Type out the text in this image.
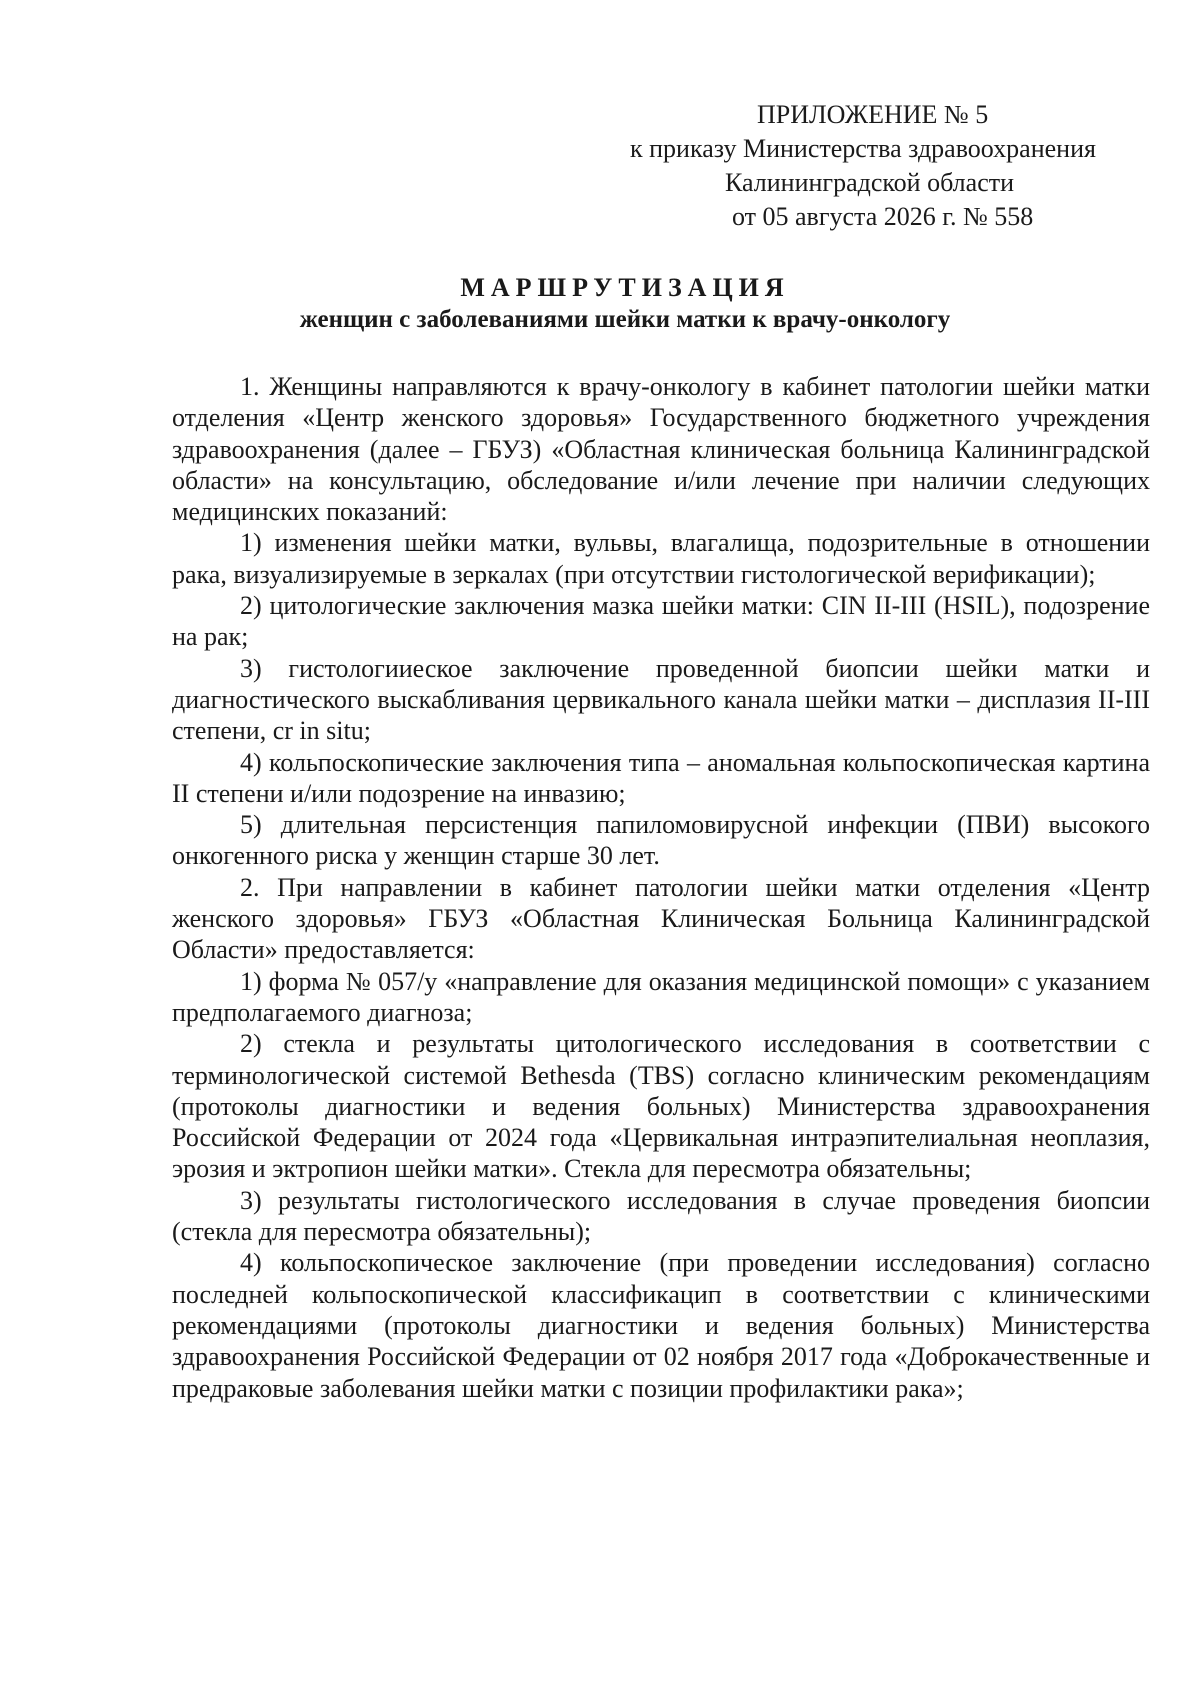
ПРИЛОЖЕНИЕ № 5
к приказу Министерства здравоохранения
Калининградской области
от 05 августа 2026 г. № 558
МАРШРУТИЗАЦИЯ
женщин с заболеваниями шейки матки к врачу-онкологу

1. Женщины направляются к врачу-онкологу в кабинет патологии шейки матки отделения «Центр женского здоровья» Государственного бюджетного учреждения здравоохранения (далее – ГБУЗ) «Областная клиническая больница Калининградской области» на консультацию, обследование и/или лечение при наличии следующих медицинских показаний:

1) изменения шейки матки, вульвы, влагалища, подозрительные в отношении рака, визуализируемые в зеркалах (при отсутствии гистологической верификации);

2) цитологические заключения мазка шейки матки: CIN II-III (HSIL), подозрение на рак;

3) гистологииеское заключение проведенной биопсии шейки матки и диагностического выскабливания цервикального канала шейки матки – дисплазия II-III степени, cr in situ;

4) кольпоскопические заключения типа – аномальная кольпоскопическая картина II степени и/или подозрение на инвазию;

5) длительная персистенция папиломовирусной инфекции (ПВИ) высокого онкогенного риска у женщин старше 30 лет.

2. При направлении в кабинет патологии шейки матки отделения «Центр женского здоровья» ГБУЗ «Областная Клиническая Больница Калининградской Области» предоставляется:

1) форма № 057/у «направление для оказания медицинской помощи» с указанием предполагаемого диагноза;

2) стекла и результаты цитологического исследования в соответствии с терминологической системой Bethesda (TBS) согласно клиническим рекомендациям (протоколы диагностики и ведения больных) Министерства здравоохранения Российской Федерации от 2024 года «Цервикальная интраэпителиальная неоплазия, эрозия и эктропион шейки матки». Стекла для пересмотра обязательны;

3) результаты гистологического исследования в случае проведения биопсии (стекла для пересмотра обязательны);

4) кольпоскопическое заключение (при проведении исследования) согласно последней кольпоскопической классификацип в соответствии с клиническими рекомендациями (протоколы диагностики и ведения больных) Министерства здравоохранения Российской Федерации от 02 ноября 2017 года «Доброкачественные и предраковые заболевания шейки матки с позиции профилактики рака»;
